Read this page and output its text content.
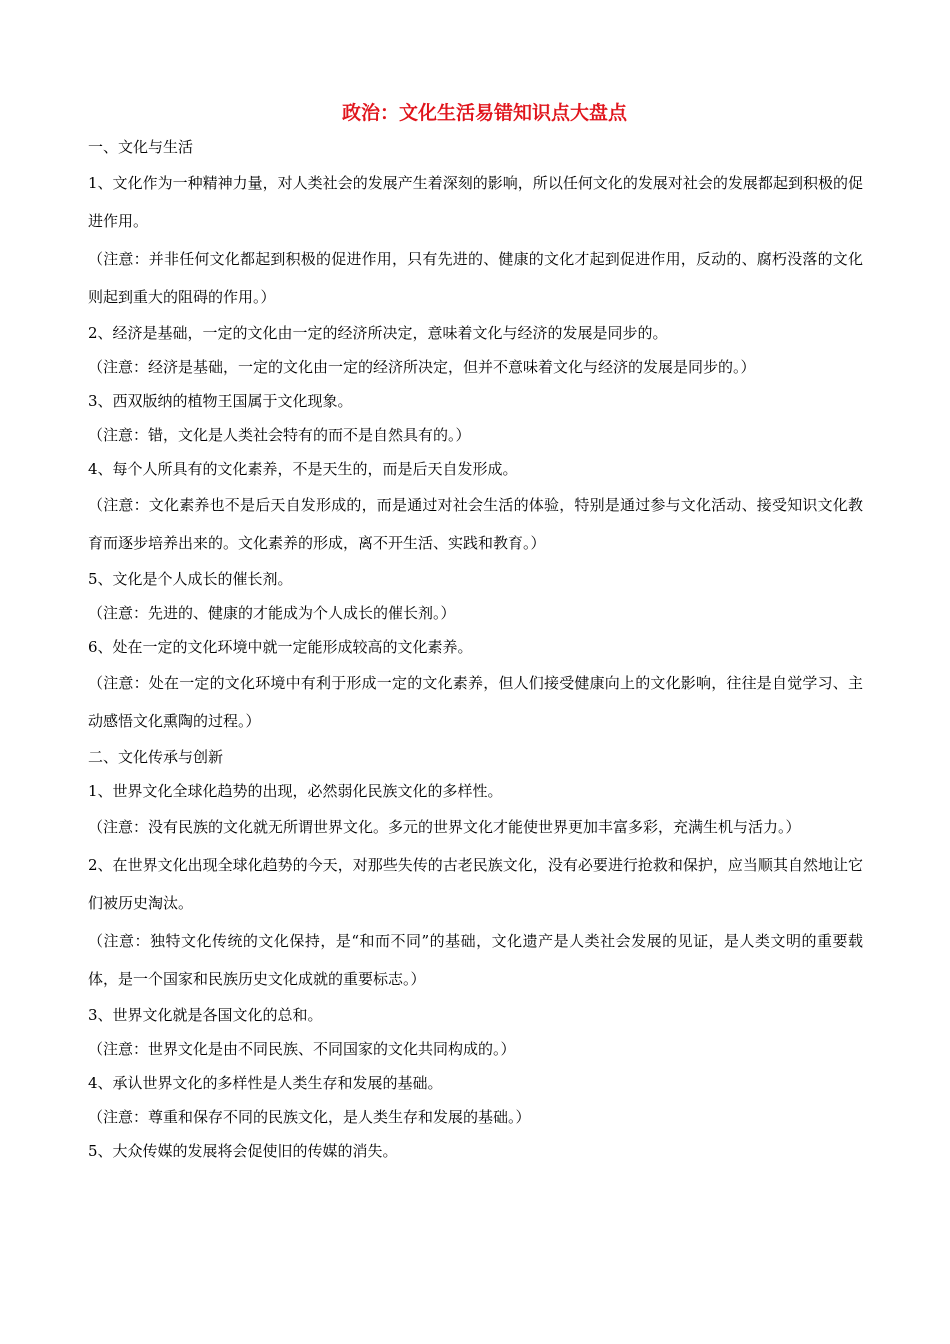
政治：文化生活易错知识点大盘点
一、文化与生活

1、文化作为一种精神力量，对人类社会的发展产生着深刻的影响，所以任何文化的发展对社会的发展都起到积极的促进作用。

（注意：并非任何文化都起到积极的促进作用，只有先进的、健康的文化才起到促进作用，反动的、腐朽没落的文化则起到重大的阻碍的作用。）

2、经济是基础，一定的文化由一定的经济所决定，意味着文化与经济的发展是同步的。

（注意：经济是基础，一定的文化由一定的经济所决定，但并不意味着文化与经济的发展是同步的。）

3、西双版纳的植物王国属于文化现象。

（注意：错，文化是人类社会特有的而不是自然具有的。）

4、每个人所具有的文化素养，不是天生的，而是后天自发形成。

（注意：文化素养也不是后天自发形成的，而是通过对社会生活的体验，特别是通过参与文化活动、接受知识文化教育而逐步培养出来的。文化素养的形成，离不开生活、实践和教育。）

5、文化是个人成长的催长剂。

（注意：先进的、健康的才能成为个人成长的催长剂。）

6、处在一定的文化环境中就一定能形成较高的文化素养。

（注意：处在一定的文化环境中有利于形成一定的文化素养，但人们接受健康向上的文化影响，往往是自觉学习、主动感悟文化熏陶的过程。）

二、文化传承与创新

1、世界文化全球化趋势的出现，必然弱化民族文化的多样性。

（注意：没有民族的文化就无所谓世界文化。多元的世界文化才能使世界更加丰富多彩，充满生机与活力。）

2、在世界文化出现全球化趋势的今天，对那些失传的古老民族文化，没有必要进行抢救和保护，应当顺其自然地让它们被历史淘汰。

（注意：独特文化传统的文化保持，是“和而不同”的基础，文化遗产是人类社会发展的见证，是人类文明的重要载体，是一个国家和民族历史文化成就的重要标志。）

3、世界文化就是各国文化的总和。

（注意：世界文化是由不同民族、不同国家的文化共同构成的。）

4、承认世界文化的多样性是人类生存和发展的基础。

（注意：尊重和保存不同的民族文化，是人类生存和发展的基础。）

5、大众传媒的发展将会促使旧的传媒的消失。
